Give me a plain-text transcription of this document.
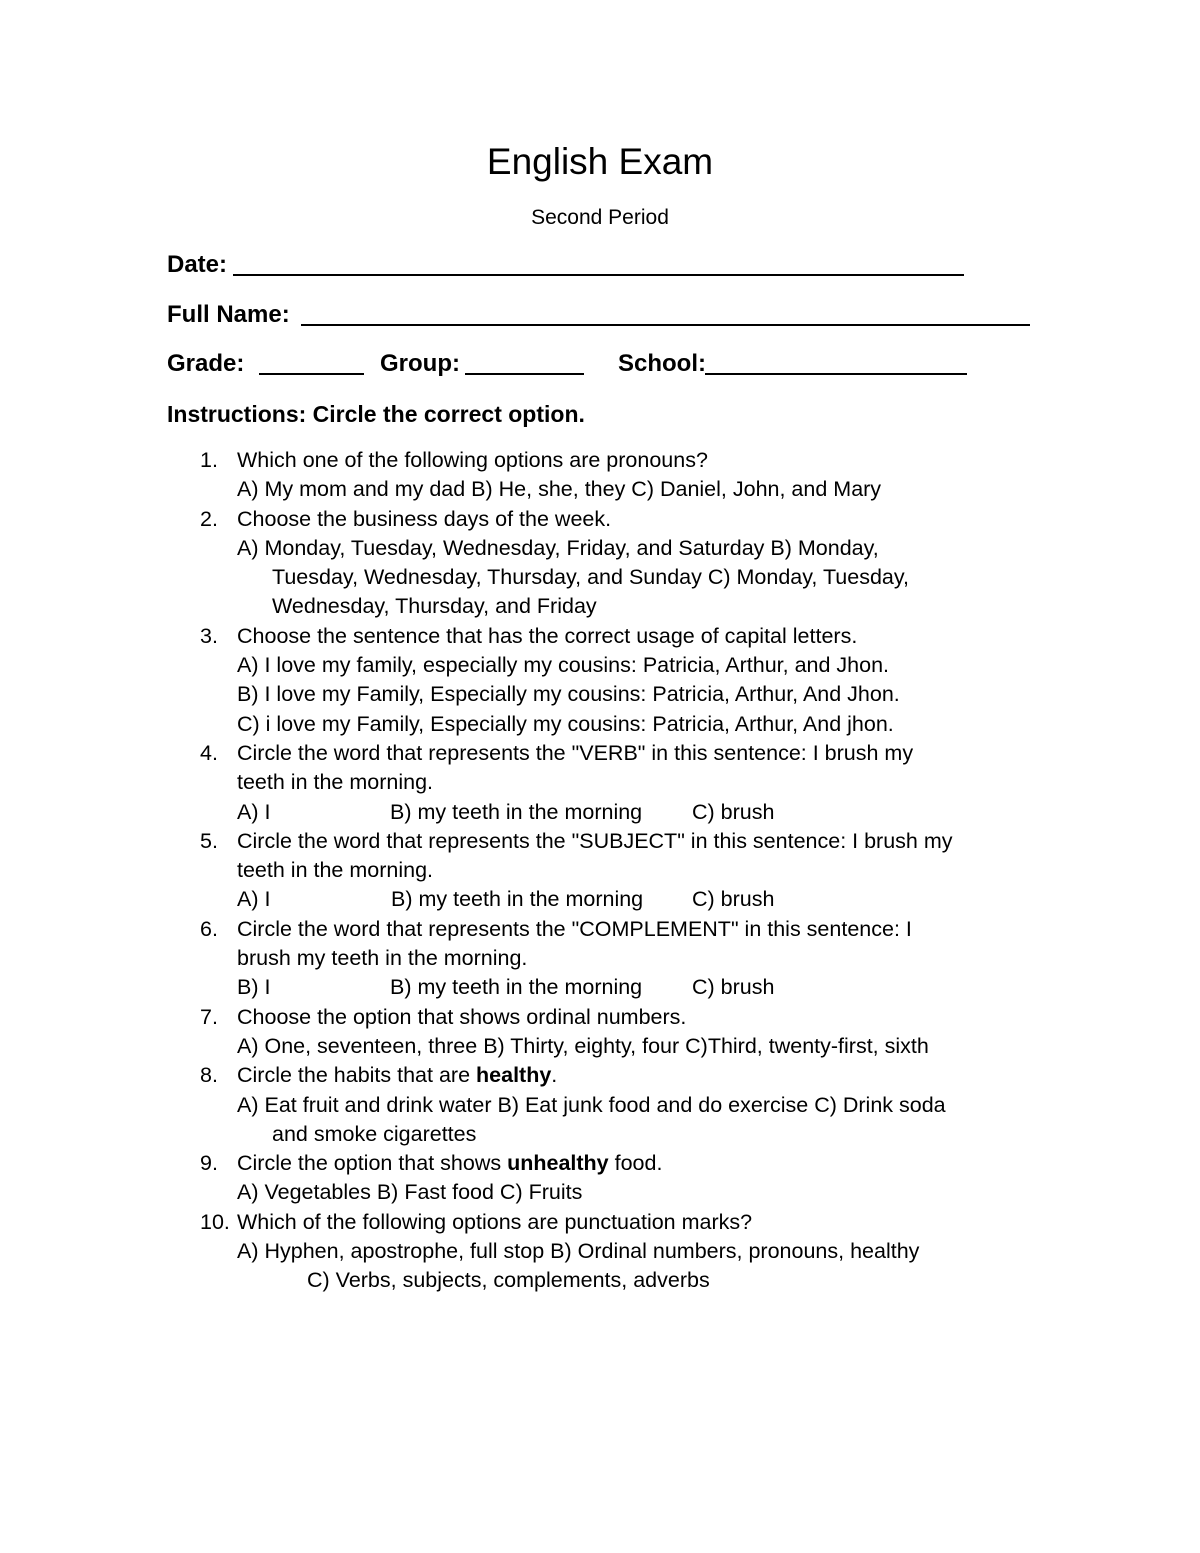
English Exam
Second Period
Date:
Full Name:
Grade:	Group:	School:
Instructions: Circle the correct option.
1. Which one of the following options are pronouns?
A) My mom and my dad B) He, she, they C) Daniel, John, and Mary
2. Choose the business days of the week.
A) Monday, Tuesday, Wednesday, Friday, and Saturday B) Monday,
Tuesday, Wednesday, Thursday, and Sunday C) Monday, Tuesday,
Wednesday, Thursday, and Friday
3. Choose the sentence that has the correct usage of capital letters.
A) I love my family, especially my cousins: Patricia, Arthur, and Jhon.
B) I love my Family, Especially my cousins: Patricia, Arthur, And Jhon.
C) i love my Family, Especially my cousins: Patricia, Arthur, And jhon.
4. Circle the word that represents the "VERB" in this sentence: I brush my
teeth in the morning.
A) I	B) my teeth in the morning C) brush
5. Circle the word that represents the "SUBJECT" in this sentence: I brush my
teeth in the morning.
A) I	B) my teeth in the morning C) brush
6. Circle the word that represents the "COMPLEMENT" in this sentence: I
brush my teeth in the morning.
B) I	B) my teeth in the morning C) brush
7. Choose the option that shows ordinal numbers.
A) One, seventeen, three B) Thirty, eighty, four C)Third, twenty-first, sixth
8. Circle the habits that are healthy.
A) Eat fruit and drink water B) Eat junk food and do exercise C) Drink soda
and smoke cigarettes
9. Circle the option that shows unhealthy food.
A) Vegetables B) Fast food C) Fruits
10. Which of the following options are punctuation marks?
A) Hyphen, apostrophe, full stop B) Ordinal numbers, pronouns, healthy
C) Verbs, subjects, complements, adverbs
